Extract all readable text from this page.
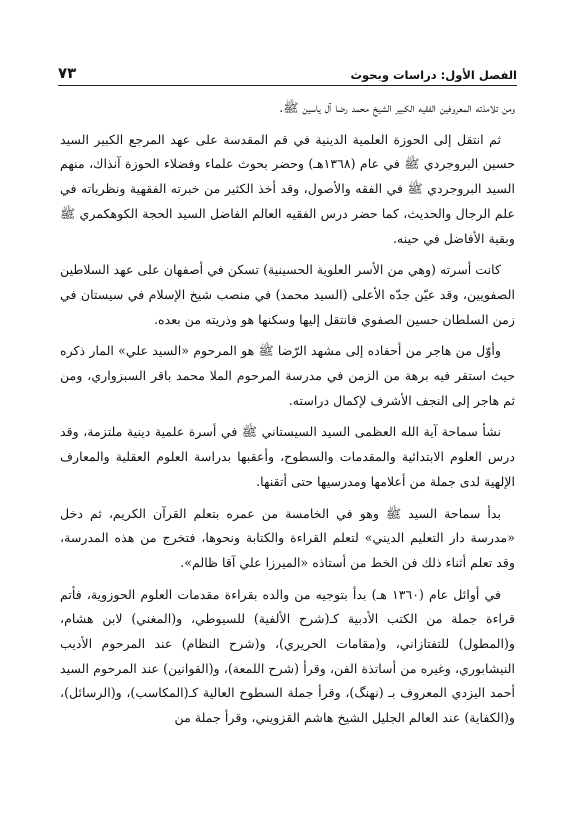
الفصل الأول: دراسات وبحوث
٧٣

ومن تلامذته المعروفين الفقيه الكبير الشيخ محمد رضا آل ياسين ﷺ.

ثم انتقل إلى الحوزة العلمية الدينية في قم المقدسة على عهد المرجع الكبير السيد حسين البروجردي ﷺ في عام (١٣٦٨هـ) وحضر بحوث علماء وفضلاء الحوزة آنذاك، منهم السيد البروجردي ﷺ في الفقه والأصول، وقد أخذ الكثير من خبرته الفقهية ونظرياته في علم الرجال والحديث، كما حضر درس الفقيه العالم الفاضل السيد الحجة الكوهكمري ﷺ وبقية الأفاضل في حينه.

كانت أسرته (وهي من الأسر العلوية الحسينية) تسكن في أصفهان على عهد السلاطين الصفويين، وقد عيّن جدّه الأعلى (السيد محمد) في منصب شيخ الإسلام في سيستان في زمن السلطان حسين الصفوي فانتقل إليها وسكنها هو وذريته من بعده.

وأوّل من هاجر من أحفاده إلى مشهد الرّضا ﷺ هو المرحوم «السيد علي» المار ذكره حيث استقر فيه برهة من الزمن في مدرسة المرحوم الملا محمد باقر السبزواري، ومن ثم هاجر إلى النجف الأشرف لإكمال دراسته.

نشأ سماحة آية الله العظمى السيد السيستاني ﷺ في أسرة علمية دينية ملتزمة، وقد درس العلوم الابتدائية والمقدمات والسطوح، وأعقبها بدراسة العلوم العقلية والمعارف الإلهية لدى جملة من أعلامها ومدرسيها حتى أتقنها.

بدأ سماحة السيد ﷺ وهو في الخامسة من عمره بتعلم القرآن الكريم، ثم دخل «مدرسة دار التعليم الديني» لتعلم القراءة والكتابة ونحوها، فتخرج من هذه المدرسة، وقد تعلم أثناء ذلك فن الخط من أستاذه «الميرزا علي آقا ظالم».

في أوائل عام (١٣٦٠ هـ) بدأ بتوجيه من والده بقراءة مقدمات العلوم الحوزوية، فأتم قراءة جملة من الكتب الأدبية كـ(شرح الألفية) للسيوطي، و(المغني) لابن هشام، و(المطول) للتفتازاني، و(مقامات الحريري)، و(شرح النظام) عند المرحوم الأديب النيشابوري، وغيره من أساتذة الفن، وقرأ (شرح اللمعة)، و(القوانين) عند المرحوم السيد أحمد اليزدي المعروف بـ (نهنگ)، وقرأ جملة السطوح العالية كـ(المكاسب)، و(الرسائل)، و(الكفاية) عند العالم الجليل الشيخ هاشم القزويني، وقرأ جملة من
